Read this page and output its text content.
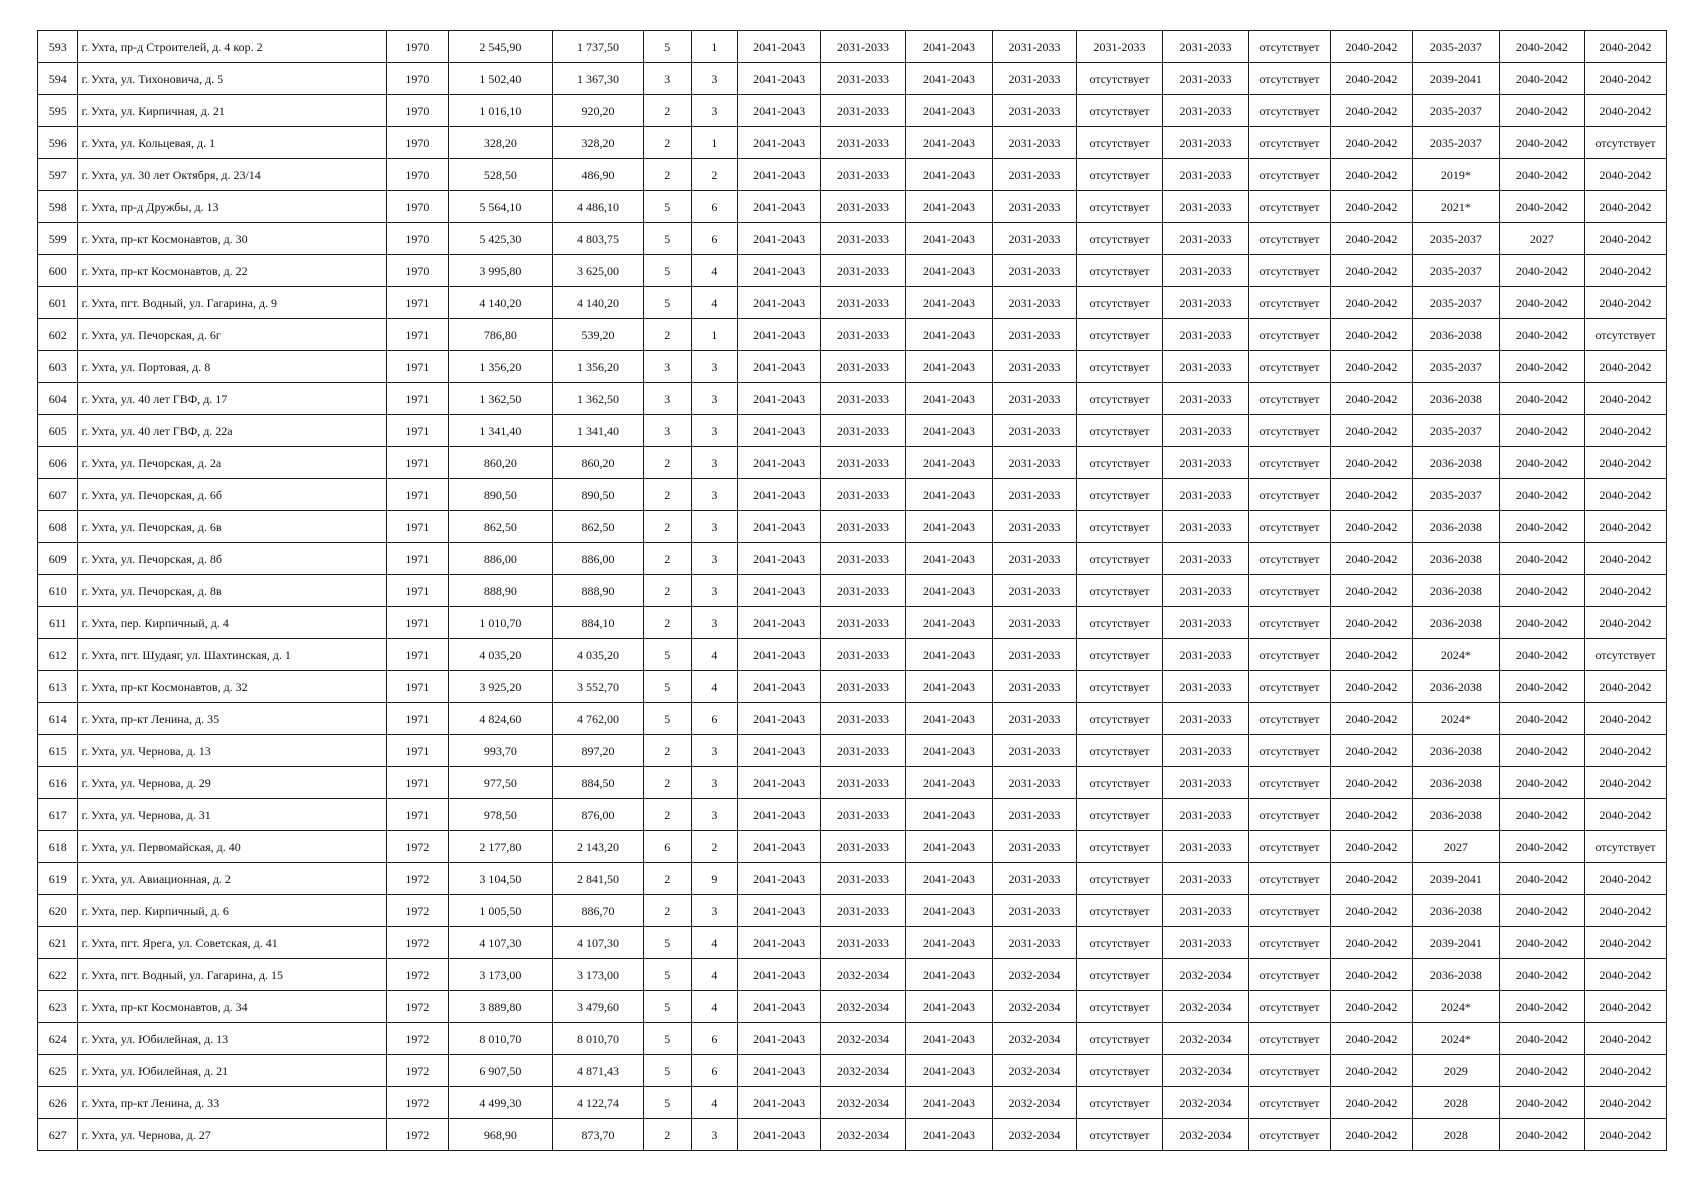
593	г. Ухта, пр-д Строителей, д. 4 кор. 2	1970	2 545,90	1 737,50	5	1	2041-2043	2031-2033	2041-2043	2031-2033	2031-2033	2031-2033	отсутствует	2040-2042	2035-2037	2040-2042	2040-2042
594	г. Ухта, ул. Тихоновича, д. 5	1970	1 502,40	1 367,30	3	3	2041-2043	2031-2033	2041-2043	2031-2033	отсутствует	2031-2033	отсутствует	2040-2042	2039-2041	2040-2042	2040-2042
595	г. Ухта, ул. Кирпичная, д. 21	1970	1 016,10	920,20	2	3	2041-2043	2031-2033	2041-2043	2031-2033	отсутствует	2031-2033	отсутствует	2040-2042	2035-2037	2040-2042	2040-2042
596	г. Ухта, ул. Кольцевая, д. 1	1970	328,20	328,20	2	1	2041-2043	2031-2033	2041-2043	2031-2033	отсутствует	2031-2033	отсутствует	2040-2042	2035-2037	2040-2042	отсутствует
597	г. Ухта, ул. 30 лет Октября, д. 23/14	1970	528,50	486,90	2	2	2041-2043	2031-2033	2041-2043	2031-2033	отсутствует	2031-2033	отсутствует	2040-2042	2019*	2040-2042	2040-2042
598	г. Ухта, пр-д Дружбы, д. 13	1970	5 564,10	4 486,10	5	6	2041-2043	2031-2033	2041-2043	2031-2033	отсутствует	2031-2033	отсутствует	2040-2042	2021*	2040-2042	2040-2042
599	г. Ухта, пр-кт Космонавтов, д. 30	1970	5 425,30	4 803,75	5	6	2041-2043	2031-2033	2041-2043	2031-2033	отсутствует	2031-2033	отсутствует	2040-2042	2035-2037	2027	2040-2042
600	г. Ухта, пр-кт Космонавтов, д. 22	1970	3 995,80	3 625,00	5	4	2041-2043	2031-2033	2041-2043	2031-2033	отсутствует	2031-2033	отсутствует	2040-2042	2035-2037	2040-2042	2040-2042
601	г. Ухта, пгт. Водный, ул. Гагарина, д. 9	1971	4 140,20	4 140,20	5	4	2041-2043	2031-2033	2041-2043	2031-2033	отсутствует	2031-2033	отсутствует	2040-2042	2035-2037	2040-2042	2040-2042
602	г. Ухта, ул. Печорская, д. 6г	1971	786,80	539,20	2	1	2041-2043	2031-2033	2041-2043	2031-2033	отсутствует	2031-2033	отсутствует	2040-2042	2036-2038	2040-2042	отсутствует
603	г. Ухта, ул. Портовая, д. 8	1971	1 356,20	1 356,20	3	3	2041-2043	2031-2033	2041-2043	2031-2033	отсутствует	2031-2033	отсутствует	2040-2042	2035-2037	2040-2042	2040-2042
604	г. Ухта, ул. 40 лет ГВФ, д. 17	1971	1 362,50	1 362,50	3	3	2041-2043	2031-2033	2041-2043	2031-2033	отсутствует	2031-2033	отсутствует	2040-2042	2036-2038	2040-2042	2040-2042
605	г. Ухта, ул. 40 лет ГВФ, д. 22а	1971	1 341,40	1 341,40	3	3	2041-2043	2031-2033	2041-2043	2031-2033	отсутствует	2031-2033	отсутствует	2040-2042	2035-2037	2040-2042	2040-2042
606	г. Ухта, ул. Печорская, д. 2а	1971	860,20	860,20	2	3	2041-2043	2031-2033	2041-2043	2031-2033	отсутствует	2031-2033	отсутствует	2040-2042	2036-2038	2040-2042	2040-2042
607	г. Ухта, ул. Печорская, д. 6б	1971	890,50	890,50	2	3	2041-2043	2031-2033	2041-2043	2031-2033	отсутствует	2031-2033	отсутствует	2040-2042	2035-2037	2040-2042	2040-2042
608	г. Ухта, ул. Печорская, д. 6в	1971	862,50	862,50	2	3	2041-2043	2031-2033	2041-2043	2031-2033	отсутствует	2031-2033	отсутствует	2040-2042	2036-2038	2040-2042	2040-2042
609	г. Ухта, ул. Печорская, д. 8б	1971	886,00	886,00	2	3	2041-2043	2031-2033	2041-2043	2031-2033	отсутствует	2031-2033	отсутствует	2040-2042	2036-2038	2040-2042	2040-2042
610	г. Ухта, ул. Печорская, д. 8в	1971	888,90	888,90	2	3	2041-2043	2031-2033	2041-2043	2031-2033	отсутствует	2031-2033	отсутствует	2040-2042	2036-2038	2040-2042	2040-2042
611	г. Ухта, пер. Кирпичный, д. 4	1971	1 010,70	884,10	2	3	2041-2043	2031-2033	2041-2043	2031-2033	отсутствует	2031-2033	отсутствует	2040-2042	2036-2038	2040-2042	2040-2042
612	г. Ухта, пгт. Шудаяг, ул. Шахтинская, д. 1	1971	4 035,20	4 035,20	5	4	2041-2043	2031-2033	2041-2043	2031-2033	отсутствует	2031-2033	отсутствует	2040-2042	2024*	2040-2042	отсутствует
613	г. Ухта, пр-кт Космонавтов, д. 32	1971	3 925,20	3 552,70	5	4	2041-2043	2031-2033	2041-2043	2031-2033	отсутствует	2031-2033	отсутствует	2040-2042	2036-2038	2040-2042	2040-2042
614	г. Ухта, пр-кт Ленина, д. 35	1971	4 824,60	4 762,00	5	6	2041-2043	2031-2033	2041-2043	2031-2033	отсутствует	2031-2033	отсутствует	2040-2042	2024*	2040-2042	2040-2042
615	г. Ухта, ул. Чернова, д. 13	1971	993,70	897,20	2	3	2041-2043	2031-2033	2041-2043	2031-2033	отсутствует	2031-2033	отсутствует	2040-2042	2036-2038	2040-2042	2040-2042
616	г. Ухта, ул. Чернова, д. 29	1971	977,50	884,50	2	3	2041-2043	2031-2033	2041-2043	2031-2033	отсутствует	2031-2033	отсутствует	2040-2042	2036-2038	2040-2042	2040-2042
617	г. Ухта, ул. Чернова, д. 31	1971	978,50	876,00	2	3	2041-2043	2031-2033	2041-2043	2031-2033	отсутствует	2031-2033	отсутствует	2040-2042	2036-2038	2040-2042	2040-2042
618	г. Ухта, ул. Первомайская, д. 40	1972	2 177,80	2 143,20	6	2	2041-2043	2031-2033	2041-2043	2031-2033	отсутствует	2031-2033	отсутствует	2040-2042	2027	2040-2042	отсутствует
619	г. Ухта, ул. Авиационная, д. 2	1972	3 104,50	2 841,50	2	9	2041-2043	2031-2033	2041-2043	2031-2033	отсутствует	2031-2033	отсутствует	2040-2042	2039-2041	2040-2042	2040-2042
620	г. Ухта, пер. Кирпичный, д. 6	1972	1 005,50	886,70	2	3	2041-2043	2031-2033	2041-2043	2031-2033	отсутствует	2031-2033	отсутствует	2040-2042	2036-2038	2040-2042	2040-2042
621	г. Ухта, пгт. Ярега, ул. Советская, д. 41	1972	4 107,30	4 107,30	5	4	2041-2043	2031-2033	2041-2043	2031-2033	отсутствует	2031-2033	отсутствует	2040-2042	2039-2041	2040-2042	2040-2042
622	г. Ухта, пгт. Водный, ул. Гагарина, д. 15	1972	3 173,00	3 173,00	5	4	2041-2043	2032-2034	2041-2043	2032-2034	отсутствует	2032-2034	отсутствует	2040-2042	2036-2038	2040-2042	2040-2042
623	г. Ухта, пр-кт Космонавтов, д. 34	1972	3 889,80	3 479,60	5	4	2041-2043	2032-2034	2041-2043	2032-2034	отсутствует	2032-2034	отсутствует	2040-2042	2024*	2040-2042	2040-2042
624	г. Ухта, ул. Юбилейная, д. 13	1972	8 010,70	8 010,70	5	6	2041-2043	2032-2034	2041-2043	2032-2034	отсутствует	2032-2034	отсутствует	2040-2042	2024*	2040-2042	2040-2042
625	г. Ухта, ул. Юбилейная, д. 21	1972	6 907,50	4 871,43	5	6	2041-2043	2032-2034	2041-2043	2032-2034	отсутствует	2032-2034	отсутствует	2040-2042	2029	2040-2042	2040-2042
626	г. Ухта, пр-кт Ленина, д. 33	1972	4 499,30	4 122,74	5	4	2041-2043	2032-2034	2041-2043	2032-2034	отсутствует	2032-2034	отсутствует	2040-2042	2028	2040-2042	2040-2042
627	г. Ухта, ул. Чернова, д. 27	1972	968,90	873,70	2	3	2041-2043	2032-2034	2041-2043	2032-2034	отсутствует	2032-2034	отсутствует	2040-2042	2028	2040-2042	2040-2042
